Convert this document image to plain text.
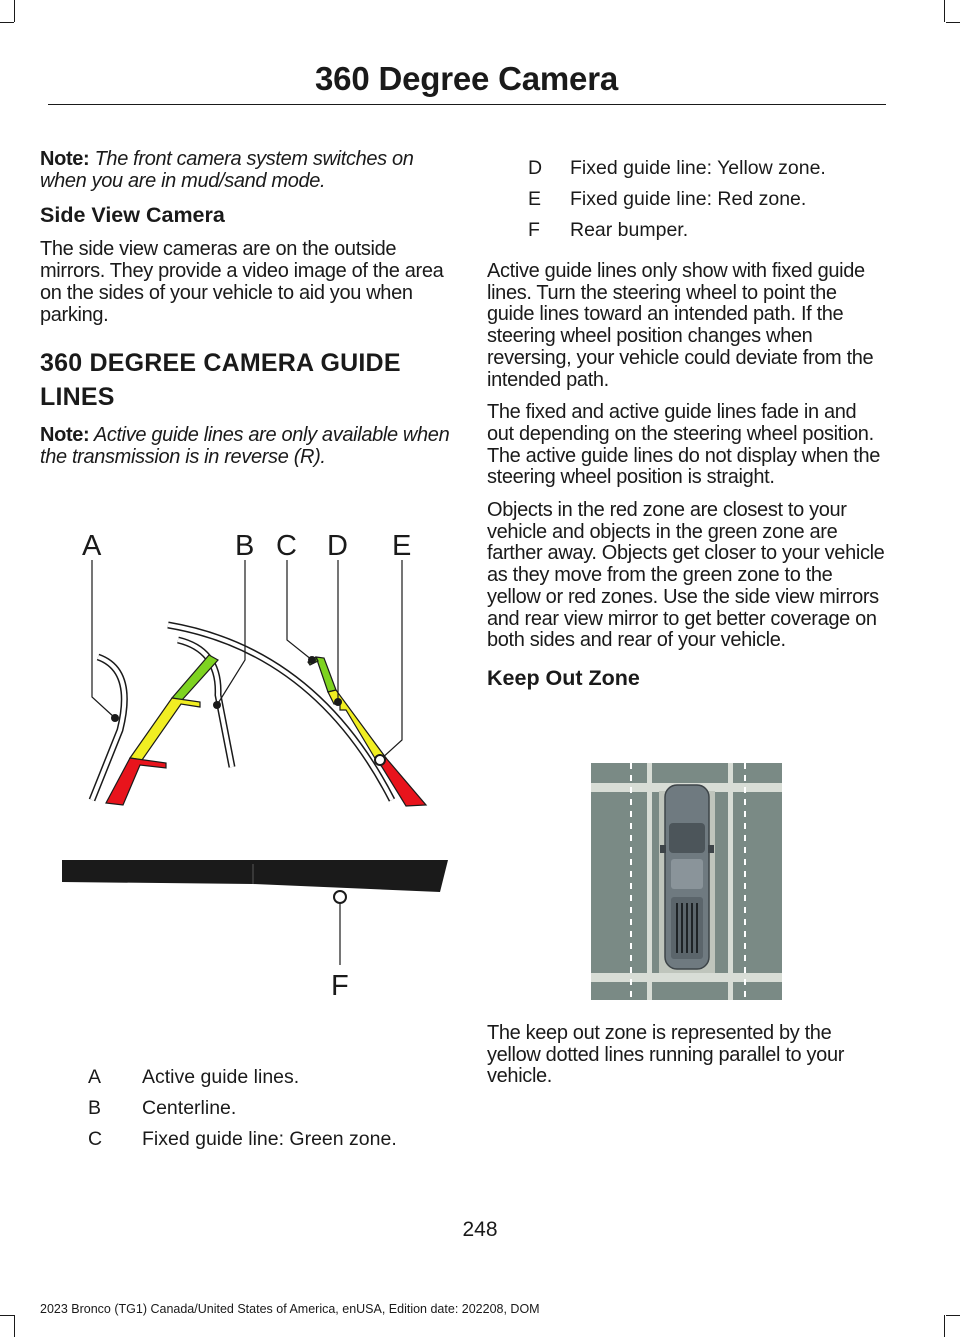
360 Degree Camera

Note: The front camera system switches on when you are in mud/sand mode.

Side View Camera

The side view cameras are on the outside mirrors. They provide a video image of the area on the sides of your vehicle to aid you when parking.

360 DEGREE CAMERA GUIDE LINES

Note: Active guide lines are only available when the transmission is in reverse (R).

A	B C D E
F
A	Active guide lines.
B	Centerline.
C	Fixed guide line: Green zone.
D	Fixed guide line: Yellow zone.
E	Fixed guide line: Red zone.
F	Rear bumper.

Active guide lines only show with fixed guide lines. Turn the steering wheel to point the guide lines toward an intended path. If the steering wheel position changes when reversing, your vehicle could deviate from the intended path.

The fixed and active guide lines fade in and out depending on the steering wheel position. The active guide lines do not display when the steering wheel position is straight.

Objects in the red zone are closest to your vehicle and objects in the green zone are farther away. Objects get closer to your vehicle as they move from the green zone to the yellow or red zones. Use the side view mirrors and rear view mirror to get better coverage on both sides and rear of your vehicle.

Keep Out Zone

The keep out zone is represented by the yellow dotted lines running parallel to your vehicle.

248
2023 Bronco (TG1) Canada/United States of America, enUSA, Edition date: 202208, DOM
